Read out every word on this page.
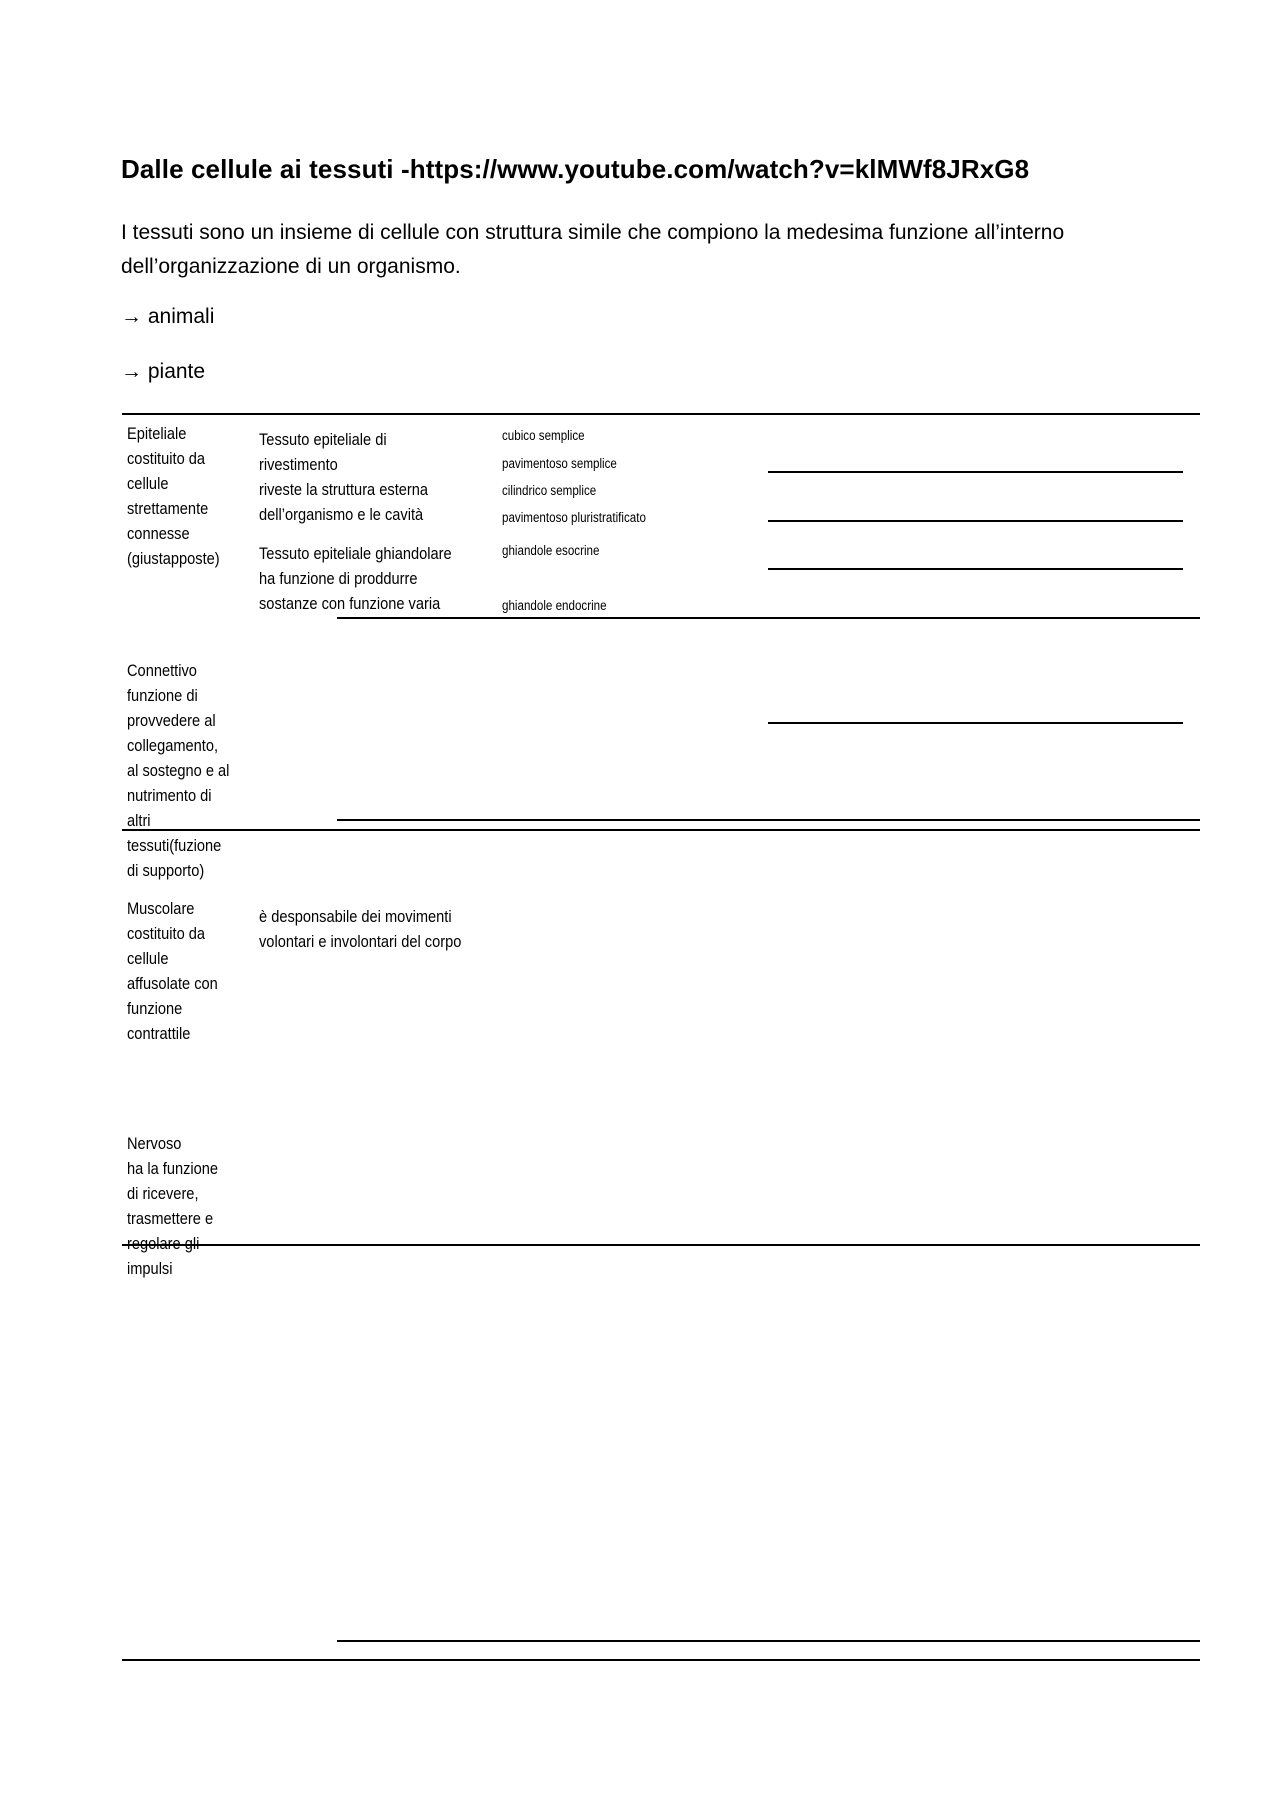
Dalle cellule ai tessuti -https://www.youtube.com/watch?v=klMWf8JRxG8
I tessuti sono un insieme di cellule con struttura simile che compiono la medesima funzione all’interno dell’organizzazione di un organismo.
→ animali
→ piante
Epiteliale
costituito da
cellule
strettamente
connesse
(giustapposte)
Tessuto epiteliale di
rivestimento
riveste la struttura esterna
dell’organismo e le cavità
Tessuto epiteliale ghiandolare
ha funzione di proddurre
sostanze con funzione varia
cubico semplice
pavimentoso semplice
cilindrico semplice
pavimentoso pluristratificato
ghiandole esocrine
ghiandole endocrine
Connettivo
funzione di
provvedere al
collegamento,
al sostegno e al
nutrimento di
altri
tessuti(fuzione
di supporto)
Muscolare
costituito da
cellule
affusolate con
funzione
contrattile
è desponsabile dei movimenti
volontari e involontari del corpo
Nervoso
ha la funzione
di ricevere,
trasmettere e
regolare gli
impulsi
